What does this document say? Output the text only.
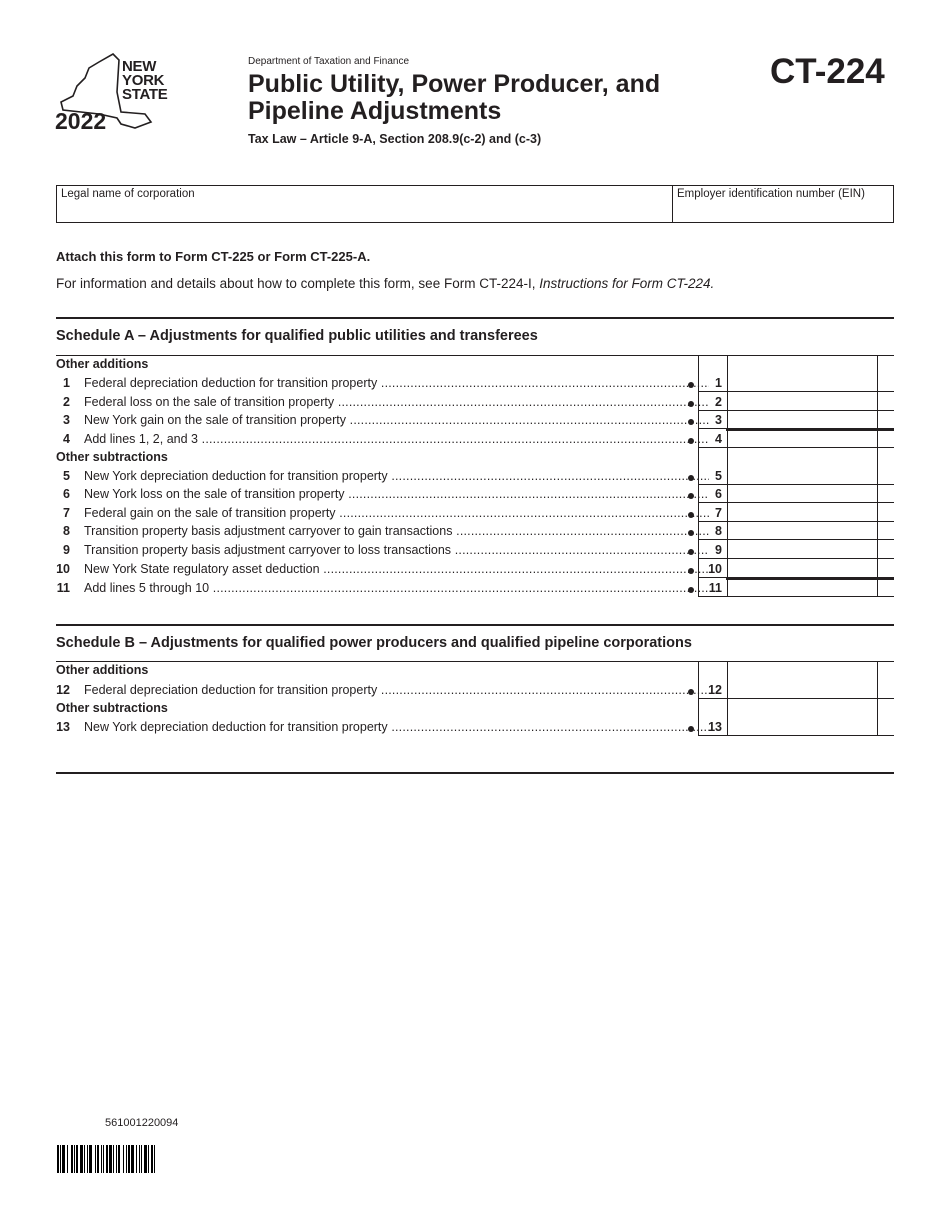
NEW
YORK
STATE
2022
Department of Taxation and Finance
Public Utility, Power Producer, and
Pipeline Adjustments
Tax Law – Article 9-A, Section 208.9(c-2) and (c-3)
CT-224
Legal name of corporation	Employer identification number (EIN)
Attach this form to Form CT-225 or Form CT-225-A.
For information and details about how to complete this form, see Form CT-224-I, Instructions for Form CT-224.
Schedule A – Adjustments for qualified public utilities and transferees
Schedule B – Adjustments for qualified power producers and qualified pipeline corporations
561001220094
Other additions
1 Federal depreciation deduction for transition property .....	1
2 Federal loss on the sale of transition property .....	2
3 New York gain on the sale of transition property .....	3
4 Add lines 1, 2, and 3 .....	4
Other subtractions
5 New York depreciation deduction for transition property .....	5
6 New York loss on the sale of transition property .....	6
7 Federal gain on the sale of transition property .....	7
8 Transition property basis adjustment carryover to gain transactions .....	8
9 Transition property basis adjustment carryover to loss transactions .....	9
10 New York State regulatory asset deduction .....	10
11 Add lines 5 through 10 .....	11
Other additions
12 Federal depreciation deduction for transition property .....	12
Other subtractions
13 New York depreciation deduction for transition property .....	13
